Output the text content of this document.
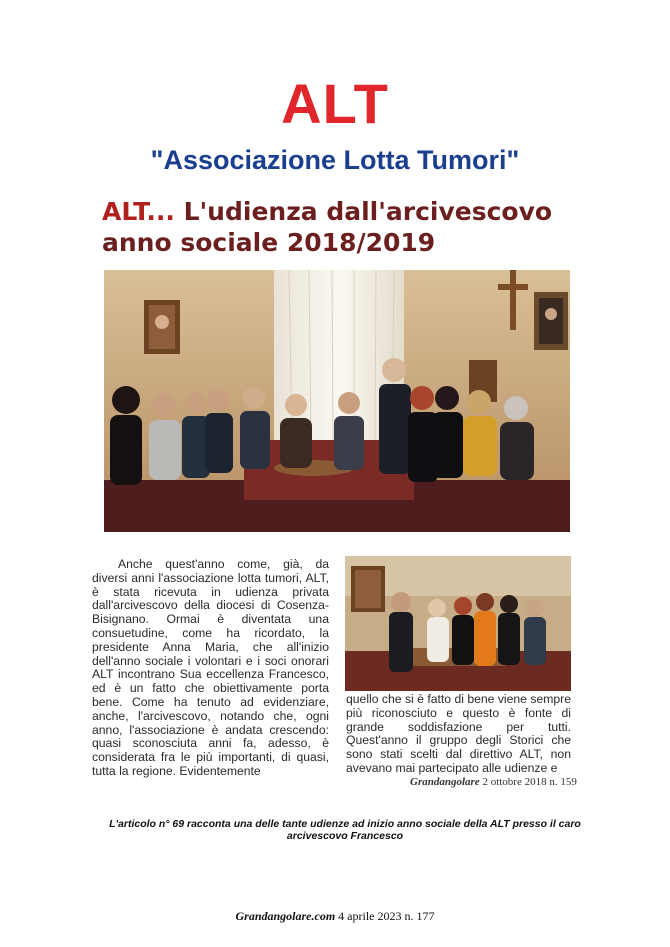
ALT
"Associazione Lotta Tumori"
ALT... L'udienza dall'arcivescovo
anno sociale 2018/2019
Anche quest'anno come, già, da diversi anni l'associazione lotta tumori, ALT, è stata ricevuta in udienza privata dall'arcivescovo della diocesi di Cosenza-Bisignano. Ormai è diventata una consuetudine, come ha ricordato, la presidente Anna Maria, che all'inizio dell'anno sociale i volontari e i soci onorari ALT incontrano Sua eccellenza Francesco, ed è un fatto che obiettivamente porta bene. Come ha tenuto ad evidenziare, anche, l'arcivescovo, notando che, ogni anno, l'associazione è andata crescendo: quasi sconosciuta anni fa, adesso, è considerata fra le più importanti, di quasi, tutta la regione. Evidentemente
quello che si è fatto di bene viene sempre più riconosciuto e questo è fonte di grande soddisfazione per tutti. Quest'anno il gruppo degli Storici che sono stati scelti dal direttivo ALT, non avevano mai partecipato alle udienze e
Grandangolare 2 ottobre 2018 n. 159
L'articolo n° 69 racconta una delle tante udienze ad inizio anno sociale della ALT presso il caro arcivescovo Francesco
Grandangolare.com 4 aprile 2023 n. 177
